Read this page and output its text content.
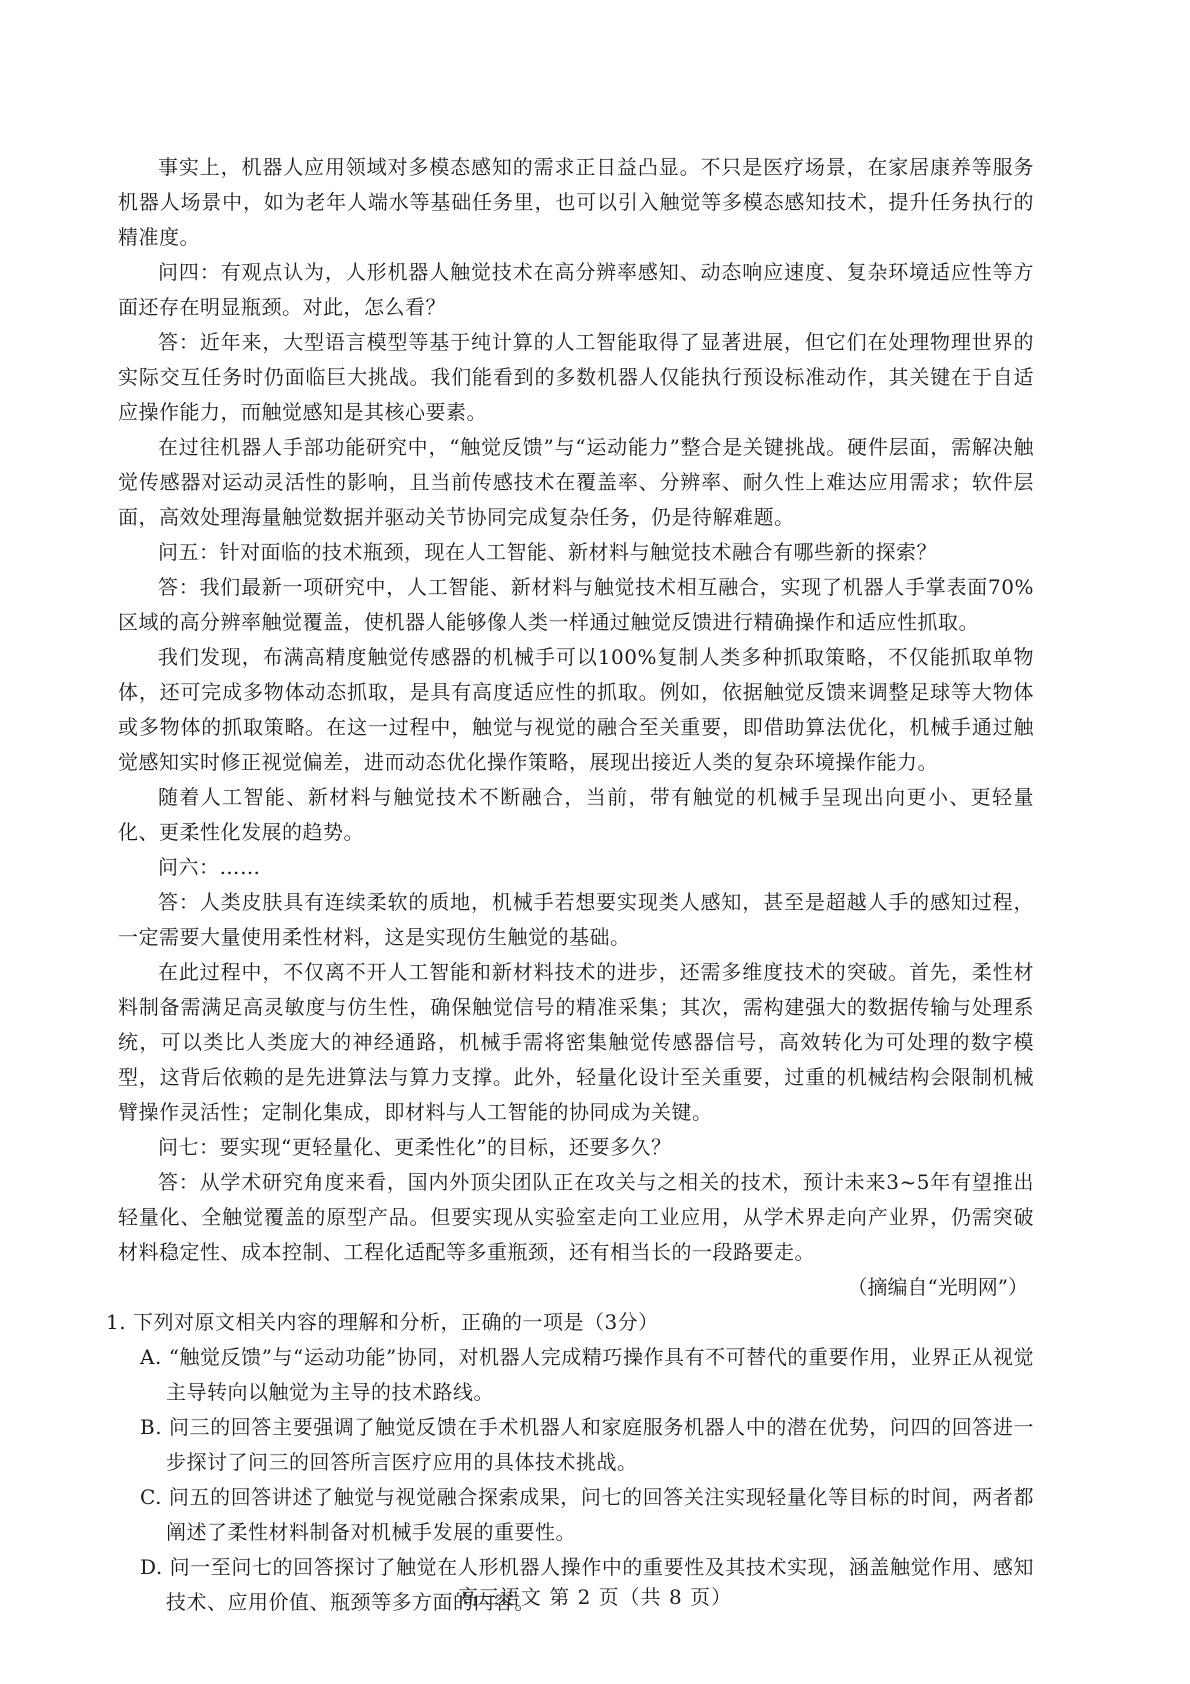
事实上，机器人应用领域对多模态感知的需求正日益凸显。不只是医疗场景，在家居康养等服务机器人场景中，如为老年人端水等基础任务里，也可以引入触觉等多模态感知技术，提升任务执行的精准度。

问四：有观点认为，人形机器人触觉技术在高分辨率感知、动态响应速度、复杂环境适应性等方面还存在明显瓶颈。对此，怎么看？

答：近年来，大型语言模型等基于纯计算的人工智能取得了显著进展，但它们在处理物理世界的实际交互任务时仍面临巨大挑战。我们能看到的多数机器人仅能执行预设标准动作，其关键在于自适应操作能力，而触觉感知是其核心要素。

在过往机器人手部功能研究中，“触觉反馈”与“运动能力”整合是关键挑战。硬件层面，需解决触觉传感器对运动灵活性的影响，且当前传感技术在覆盖率、分辨率、耐久性上难达应用需求；软件层面，高效处理海量触觉数据并驱动关节协同完成复杂任务，仍是待解难题。

问五：针对面临的技术瓶颈，现在人工智能、新材料与触觉技术融合有哪些新的探索？

答：我们最新一项研究中，人工智能、新材料与触觉技术相互融合，实现了机器人手掌表面70%区域的高分辨率触觉覆盖，使机器人能够像人类一样通过触觉反馈进行精确操作和适应性抓取。

我们发现，布满高精度触觉传感器的机械手可以100%复制人类多种抓取策略，不仅能抓取单物体，还可完成多物体动态抓取，是具有高度适应性的抓取。例如，依据触觉反馈来调整足球等大物体或多物体的抓取策略。在这一过程中，触觉与视觉的融合至关重要，即借助算法优化，机械手通过触觉感知实时修正视觉偏差，进而动态优化操作策略，展现出接近人类的复杂环境操作能力。

随着人工智能、新材料与触觉技术不断融合，当前，带有触觉的机械手呈现出向更小、更轻量化、更柔性化发展的趋势。

问六：……

答：人类皮肤具有连续柔软的质地，机械手若想要实现类人感知，甚至是超越人手的感知过程，一定需要大量使用柔性材料，这是实现仿生触觉的基础。

在此过程中，不仅离不开人工智能和新材料技术的进步，还需多维度技术的突破。首先，柔性材料制备需满足高灵敏度与仿生性，确保触觉信号的精准采集；其次，需构建强大的数据传输与处理系统，可以类比人类庞大的神经通路，机械手需将密集触觉传感器信号，高效转化为可处理的数字模型，这背后依赖的是先进算法与算力支撑。此外，轻量化设计至关重要，过重的机械结构会限制机械臂操作灵活性；定制化集成，即材料与人工智能的协同成为关键。

问七：要实现“更轻量化、更柔性化”的目标，还要多久？

答：从学术研究角度来看，国内外顶尖团队正在攻关与之相关的技术，预计未来3~5年有望推出轻量化、全触觉覆盖的原型产品。但要实现从实验室走向工业应用，从学术界走向产业界，仍需突破材料稳定性、成本控制、工程化适配等多重瓶颈，还有相当长的一段路要走。

（摘编自“光明网”）

1. 下列对原文相关内容的理解和分析，正确的一项是（3分）

A. “触觉反馈”与“运动功能”协同，对机器人完成精巧操作具有不可替代的重要作用，业界正从视觉主导转向以触觉为主导的技术路线。

B. 问三的回答主要强调了触觉反馈在手术机器人和家庭服务机器人中的潜在优势，问四的回答进一步探讨了问三的回答所言医疗应用的具体技术挑战。

C. 问五的回答讲述了触觉与视觉融合探索成果，问七的回答关注实现轻量化等目标的时间，两者都阐述了柔性材料制备对机械手发展的重要性。

D. 问一至问七的回答探讨了触觉在人形机器人操作中的重要性及其技术实现，涵盖触觉作用、感知技术、应用价值、瓶颈等多方面的内容。

高三语文 第 2 页（共 8 页）
